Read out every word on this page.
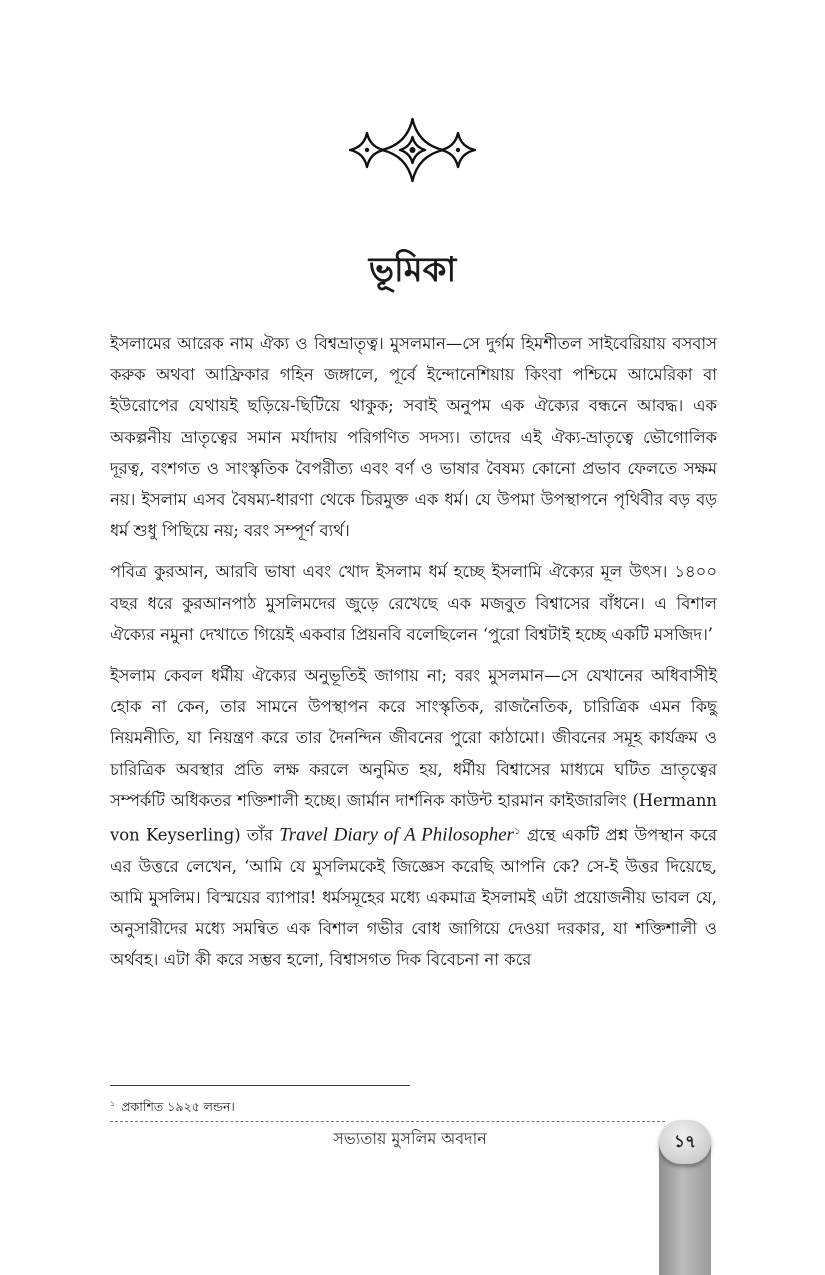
ভূমিকা

ইসলামের আরেক নাম ঐক্য ও বিশ্বভ্রাতৃত্ব। মুসলমান—সে দুর্গম হিমশীতল সাইবেরিয়ায় বসবাস করুক অথবা আফ্রিকার গহিন জঙ্গালে, পূর্বে ইন্দোনেশিয়ায় কিংবা পশ্চিমে আমেরিকা বা ইউরোপের যেথায়ই ছড়িয়ে-ছিটিয়ে থাকুক; সবাই অনুপম এক ঐক্যের বন্ধনে আবদ্ধ। এক অকল্পনীয় ভ্রাতৃত্বের সমান মর্যাদায় পরিগণিত সদস্য। তাদের এই ঐক্য-ভ্রাতৃত্বে ভৌগোলিক দূরত্ব, বংশগত ও সাংস্কৃতিক বৈপরীত্য এবং বর্ণ ও ভাষার বৈষম্য কোনো প্রভাব ফেলতে সক্ষম নয়। ইসলাম এসব বৈষম্য-ধারণা থেকে চিরমুক্ত এক ধর্ম। যে উপমা উপস্থাপনে পৃথিবীর বড় বড় ধর্ম শুধু পিছিয়ে নয়; বরং সম্পূর্ণ ব্যর্থ।

পবিত্র কুরআন, আরবি ভাষা এবং খোদ ইসলাম ধর্ম হচ্ছে ইসলামি ঐক্যের মূল উৎস। ১৪০০ বছর ধরে কুরআনপাঠ মুসলিমদের জুড়ে রেখেছে এক মজবুত বিশ্বাসের বাঁধনে। এ বিশাল ঐক্যের নমুনা দেখাতে গিয়েই একবার প্রিয়নবি বলেছিলেন ‘পুরো বিশ্বটাই হচ্ছে একটি মসজিদ।’

ইসলাম কেবল ধর্মীয় ঐক্যের অনুভূতিই জাগায় না; বরং মুসলমান—সে যেখানের অধিবাসীই হোক না কেন, তার সামনে উপস্থাপন করে সাংস্কৃতিক, রাজনৈতিক, চারিত্রিক এমন কিছু নিয়মনীতি, যা নিয়ন্ত্রণ করে তার দৈনন্দিন জীবনের পুরো কাঠামো। জীবনের সমূহ কার্যক্রম ও চারিত্রিক অবস্থার প্রতি লক্ষ করলে অনুমিত হয়, ধর্মীয় বিশ্বাসের মাধ্যমে ঘটিত ভ্রাতৃত্বের সম্পর্কটি অধিকতর শক্তিশালী হচ্ছে। জার্মান দার্শনিক কাউন্ট হারমান কাইজারলিং (Hermann von Keyserling) তাঁর Travel Diary of A Philosopher$^১$ গ্রন্থে একটি প্রশ্ন উপস্থান করে এর উত্তরে লেখেন, ‘আমি যে মুসলিমকেই জিজ্ঞেস করেছি আপনি কে? সে-ই উত্তর দিয়েছে, আমি মুসলিম। বিস্ময়ের ব্যাপার! ধর্মসমূহের মধ্যে একমাত্র ইসলামই এটা প্রয়োজনীয় ভাবল যে, অনুসারীদের মধ্যে সমন্বিত এক বিশাল গভীর বোধ জাগিয়ে দেওয়া দরকার, যা শক্তিশালী ও অর্থবহ। এটা কী করে সম্ভব হলো, বিশ্বাসগত দিক বিবেচনা না করে

$^১$ প্রকাশিত ১৯২৫ লন্ডন।
সভ্যতায় মুসলিম অবদান	১৭
